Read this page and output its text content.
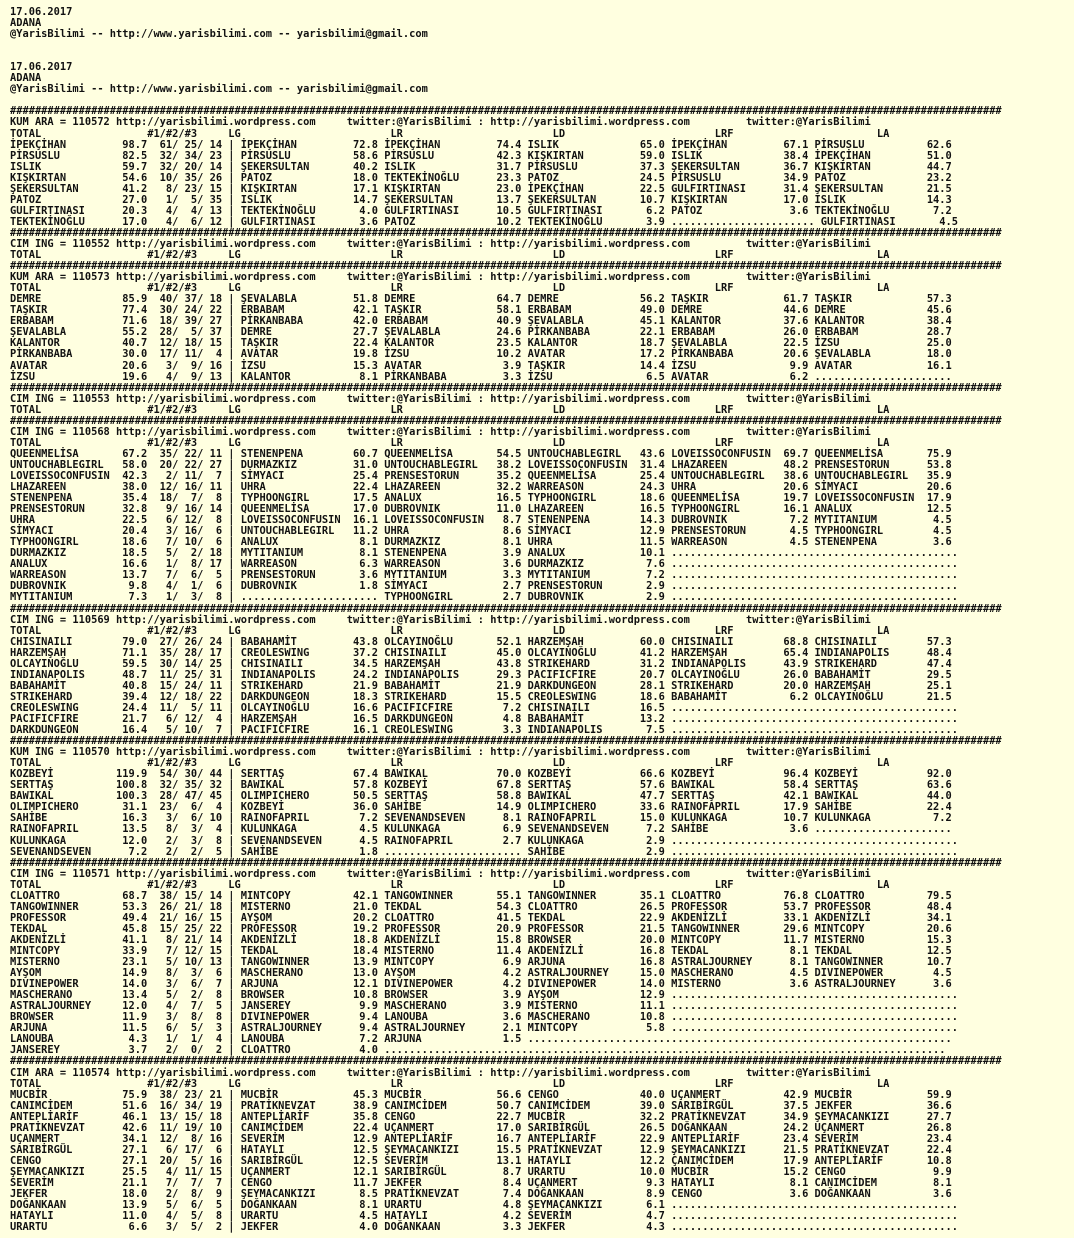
17.06.2017
ADANA
@YarisBilimi -- http://www.yarisbilimi.com -- yarisbilimi@gmail.com

17.06.2017
ADANA
@YarisBilimi -- http://www.yarisbilimi.com -- yarisbilimi@gmail.com

###############################################################################################################################################################
KUM ARA = 110572 http://yarisbilimi.wordpress.com     twitter:@YarisBilimi : http://yarisbilimi.wordpress.com         twitter:@YarisBilimi
TOTAL                 #1/#2/#3     LG                        LR                        LD                        LRF                       LA
İPEKÇİHAN         98.7  61/ 25/ 14 | İPEKÇİHAN         72.8 İPEKÇİHAN         74.4 ISLIK             65.0 İPEKÇİHAN         67.1 PİRSUSLU          62.6
PİRSUSLU          82.5  32/ 34/ 23 | PİRSUSLU          58.6 PİRSUSLU          42.3 KIŞKIRTAN         59.0 ISLIK             38.4 İPEKÇİHAN         51.0
ISLIK             59.7  32/ 20/ 14 | ŞEKERSULTAN       40.2 ISLIK             31.7 PİRSUSLU          37.3 ŞEKERSULTAN       36.7 KIŞKIRTAN         44.7
KIŞKIRTAN         54.6  10/ 35/ 26 | PATOZ             18.0 TEKTEKİNOĞLU      23.3 PATOZ             24.5 PİRSUSLU          34.9 PATOZ             23.2
ŞEKERSULTAN       41.2   8/ 23/ 15 | KIŞKIRTAN         17.1 KIŞKIRTAN         23.0 İPEKÇİHAN         22.5 GULFIRTINASI      31.4 ŞEKERSULTAN       21.5
PATOZ             27.0   1/  5/ 35 | ISLIK             14.7 ŞEKERSULTAN       13.7 ŞEKERSULTAN       10.7 KIŞKIRTAN         17.0 ISLIK             14.3
GULFIRTINASI      20.3   4/  4/ 13 | TEKTEKİNOĞLU       4.0 GULFIRTINASI      10.5 GULFIRTINASI       6.2 PATOZ              3.6 TEKTEKİNOĞLU       7.2
TEKTEKİNOĞLU      17.0   4/  6/ 12 | GULFIRTINASI       3.6 PATOZ             10.2 TEKTEKİNOĞLU       3.9 ....................... GULFIRTINASI       4.5
###############################################################################################################################################################
CIM ING = 110552 http://yarisbilimi.wordpress.com     twitter:@YarisBilimi : http://yarisbilimi.wordpress.com         twitter:@YarisBilimi
TOTAL                 #1/#2/#3     LG                        LR                        LD                        LRF                       LA
###############################################################################################################################################################
KUM ARA = 110573 http://yarisbilimi.wordpress.com     twitter:@YarisBilimi : http://yarisbilimi.wordpress.com         twitter:@YarisBilimi
TOTAL                 #1/#2/#3     LG                        LR                        LD                        LRF                       LA
DEMRE             85.9  40/ 37/ 18 | ŞEVALABLA         51.8 DEMRE             64.7 DEMRE             56.2 TAŞKIR            61.7 TAŞKIR            57.3
TAŞKIR            77.4  30/ 24/ 22 | ERBABAM           42.1 TAŞKIR            58.1 ERBABAM           49.0 DEMRE             44.6 DEMRE             45.6
ERBABAM           71.6  18/ 39/ 27 | PİRKANBABA        42.0 ERBABAM           40.9 ŞEVALABLA         45.1 KALANTOR          37.6 KALANTOR          38.4
ŞEVALABLA         55.2  28/  5/ 37 | DEMRE             27.7 ŞEVALABLA         24.6 PİRKANBABA        22.1 ERBABAM           26.0 ERBABAM           28.7
KALANTOR          40.7  12/ 18/ 15 | TAŞKIR            22.4 KALANTOR          23.5 KALANTOR          18.7 ŞEVALABLA         22.5 İZSU              25.0
PİRKANBABA        30.0  17/ 11/  4 | AVATAR            19.8 İZSU              10.2 AVATAR            17.2 PİRKANBABA        20.6 ŞEVALABLA         18.0
AVATAR            20.6   3/  9/ 16 | İZSU              15.3 AVATAR             3.9 TAŞKIR            14.4 İZSU               9.9 AVATAR            16.1
İZSU              19.6   4/  9/ 13 | KALANTOR           8.1 PİRKANBABA         3.3 İZSU               6.5 AVATAR             6.2 ......................
###############################################################################################################################################################
CIM ING = 110553 http://yarisbilimi.wordpress.com     twitter:@YarisBilimi : http://yarisbilimi.wordpress.com         twitter:@YarisBilimi
TOTAL                 #1/#2/#3     LG                        LR                        LD                        LRF                       LA
###############################################################################################################################################################
CIM ING = 110568 http://yarisbilimi.wordpress.com     twitter:@YarisBilimi : http://yarisbilimi.wordpress.com         twitter:@YarisBilimi
TOTAL                 #1/#2/#3     LG                        LR                        LD                        LRF                       LA
QUEENMELİSA       67.2  35/ 22/ 11 | STENENPENA        60.7 QUEENMELİSA       54.5 UNTOUCHABLEGIRL   43.6 LOVEISSOCONFUSIN  69.7 QUEENMELİSA       75.9
UNTOUCHABLEGIRL   58.0  20/ 22/ 27 | DURMAZKIZ         31.0 UNTOUCHABLEGIRL   38.2 LOVEISSOCONFUSIN  31.4 LHAZAREEN         48.2 PRENSESTORUN      53.8
LOVEISSOCONFUSIN  42.3   2/ 11/  7 | SİMYACI           25.4 PRENSESTORUN      35.2 QUEENMELİSA       25.4 UNTOUCHABLEGIRL   38.6 UNTOUCHABLEGIRL   35.9
LHAZAREEN         38.0  12/ 16/ 11 | UHRA              22.4 LHAZAREEN         32.2 WARREASON         24.3 UHRA              20.6 SİMYACI           20.6
STENENPENA        35.4  18/  7/  8 | TYPHOONGIRL       17.5 ANALUX            16.5 TYPHOONGIRL       18.6 QUEENMELİSA       19.7 LOVEISSOCONFUSIN  17.9
PRENSESTORUN      32.8   9/ 16/ 14 | QUEENMELİSA       17.0 DUBROVNIK         11.0 LHAZAREEN         16.5 TYPHOONGIRL       16.1 ANALUX            12.5
UHRA              22.5   6/ 12/  8 | LOVEISSOCONFUSIN  16.1 LOVEISSOCONFUSIN   8.7 STENENPENA        14.3 DUBROVNIK          7.2 MYTITANIUM         4.5
SİMYACI           20.4   3/ 16/  6 | UNTOUCHABLEGIRL   11.2 UHRA               8.6 SİMYACI           12.9 PRENSESTORUN       4.5 TYPHOONGIRL        4.5
TYPHOONGIRL       18.6   7/ 10/  6 | ANALUX             8.1 DURMAZKIZ          8.1 UHRA              11.5 WARREASON          4.5 STENENPENA         3.6
DURMAZKIZ         18.5   5/  2/ 18 | MYTITANIUM         8.1 STENENPENA         3.9 ANALUX            10.1 ..............................................
ANALUX            16.6   1/  8/ 17 | WARREASON          6.3 WARREASON          3.6 DURMAZKIZ          7.6 ..............................................
WARREASON         13.7   7/  6/  5 | PRENSESTORUN       3.6 MYTITANIUM         3.3 MYTITANIUM         7.2 ..............................................
DUBROVNIK          9.8   4/  1/  6 | DUBROVNIK          1.8 SİMYACI            2.7 PRENSESTORUN       2.9 ..............................................
MYTITANIUM         7.3   1/  3/  8 | ...................... TYPHOONGIRL        2.7 DUBROVNIK          2.9 ..............................................
###############################################################################################################################################################
CIM ING = 110569 http://yarisbilimi.wordpress.com     twitter:@YarisBilimi : http://yarisbilimi.wordpress.com         twitter:@YarisBilimi
TOTAL                 #1/#2/#3     LG                        LR                        LD                        LRF                       LA
CHISINAILI        79.0  27/ 26/ 24 | BABAHAMİT         43.8 OLCAYINOĞLU       52.1 HARZEMŞAH         60.0 CHISINAILI        68.8 CHISINAILI        57.3
HARZEMŞAH         71.1  35/ 28/ 17 | CREOLESWING       37.2 CHISINAILI        45.0 OLCAYINOĞLU       41.2 HARZEMŞAH         65.4 INDIANAPOLIS      48.4
OLCAYINOĞLU       59.5  30/ 14/ 25 | CHISINAILI        34.5 HARZEMŞAH         43.8 STRIKEHARD        31.2 INDIANAPOLIS      43.9 STRIKEHARD        47.4
INDIANAPOLIS      48.7  11/ 25/ 31 | INDIANAPOLIS      24.2 INDIANAPOLIS      29.3 PACIFICFIRE       20.7 OLCAYINOĞLU       26.0 BABAHAMİT         29.5
BABAHAMİT         40.8  15/ 24/ 11 | STRIKEHARD        21.9 BABAHAMİT         21.9 DARKDUNGEON       28.1 STRIKEHARD        20.0 HARZEMŞAH         25.1
STRIKEHARD        39.4  12/ 18/ 22 | DARKDUNGEON       18.3 STRIKEHARD        15.5 CREOLESWING       18.6 BABAHAMİT          6.2 OLCAYINOĞLU       21.5
CREOLESWING       24.4  11/  5/ 11 | OLCAYINOĞLU       16.6 PACIFICFIRE        7.2 CHISINAILI        16.5 ..............................................
PACIFICFIRE       21.7   6/ 12/  4 | HARZEMŞAH         16.5 DARKDUNGEON        4.8 BABAHAMİT         13.2 ..............................................
DARKDUNGEON       16.4   5/ 10/  7 | PACIFICFIRE       16.1 CREOLESWING        3.3 INDIANAPOLIS       7.5 ..............................................
###############################################################################################################################################################
KUM ING = 110570 http://yarisbilimi.wordpress.com     twitter:@YarisBilimi : http://yarisbilimi.wordpress.com         twitter:@YarisBilimi
TOTAL                 #1/#2/#3     LG                        LR                        LD                        LRF                       LA
KOZBEYİ          119.9  54/ 30/ 44 | SERTTAŞ           67.4 BAWIKAL           70.0 KOZBEYİ           66.6 KOZBEYİ           96.4 KOZBEYİ           92.0
SERTTAŞ          100.8  32/ 35/ 32 | BAWIKAL           57.8 KOZBEYİ           67.8 SERTTAŞ           57.6 BAWIKAL           58.4 SERTTAŞ           63.6
BAWIKAL          100.3  28/ 47/ 45 | OLIMPICHERO       50.5 SERTTAŞ           58.8 BAWIKAL           47.7 SERTTAŞ           42.1 BAWIKAL           44.0
OLIMPICHERO       31.1  23/  6/  4 | KOZBEYİ           36.0 SAHİBE            14.9 OLIMPICHERO       33.6 RAINOFAPRIL       17.9 SAHİBE            22.4
SAHİBE            16.3   3/  6/ 10 | RAINOFAPRIL        7.2 SEVENANDSEVEN      8.1 RAINOFAPRIL       15.0 KULUNKAGA         10.7 KULUNKAGA          7.2
RAINOFAPRIL       13.5   8/  3/  4 | KULUNKAGA          4.5 KULUNKAGA          6.9 SEVENANDSEVEN      7.2 SAHİBE             3.6 ......................
KULUNKAGA         12.0   2/  3/  8 | SEVENANDSEVEN      4.5 RAINOFAPRIL        2.7 KULUNKAGA          2.9 ..............................................
SEVENANDSEVEN      7.2   2/  2/  5 | SAHİBE             1.8 ...................... SAHİBE             2.9 ..............................................
###############################################################################################################################################################
CIM ING = 110571 http://yarisbilimi.wordpress.com     twitter:@YarisBilimi : http://yarisbilimi.wordpress.com         twitter:@YarisBilimi
TOTAL                 #1/#2/#3     LG                        LR                        LD                        LRF                       LA
CLOATTRO          68.7  38/ 15/ 14 | MINTCOPY          42.1 TANGOWINNER       55.1 TANGOWINNER       35.1 CLOATTRO          76.8 CLOATTRO          79.5
TANGOWINNER       53.3  26/ 21/ 18 | MISTERNO          21.0 TEKDAL            54.3 CLOATTRO          26.5 PROFESSOR         53.7 PROFESSOR         48.4
PROFESSOR         49.4  21/ 16/ 15 | AYŞOM             20.2 CLOATTRO          41.5 TEKDAL            22.9 AKDENİZLİ         33.1 AKDENİZLİ         34.1
TEKDAL            45.8  15/ 25/ 22 | PROFESSOR         19.2 PROFESSOR         20.9 PROFESSOR         21.5 TANGOWINNER       29.6 MINTCOPY          20.6
AKDENİZLİ         41.1   8/ 21/ 14 | AKDENİZLİ         18.8 AKDENİZLİ         15.8 BROWSER           20.0 MINTCOPY          11.7 MISTERNO          15.3
MINTCOPY          33.9   7/ 12/ 15 | TEKDAL            18.4 MISTERNO          11.4 AKDENİZLİ         16.8 TEKDAL             8.1 TEKDAL            12.5
MISTERNO          23.1   5/ 10/ 13 | TANGOWINNER       13.9 MINTCOPY           6.9 ARJUNA            16.8 ASTRALJOURNEY      8.1 TANGOWINNER       10.7
AYŞOM             14.9   8/  3/  6 | MASCHERANO        13.0 AYŞOM              4.2 ASTRALJOURNEY     15.0 MASCHERANO         4.5 DIVINEPOWER        4.5
DIVINEPOWER       14.0   3/  6/  7 | ARJUNA            12.1 DIVINEPOWER        4.2 DIVINEPOWER       14.0 MISTERNO           3.6 ASTRALJOURNEY      3.6
MASCHERANO        13.4   5/  2/  8 | BROWSER           10.8 BROWSER            3.9 AYŞOM             12.9 ..............................................
ASTRALJOURNEY     12.0   4/  7/  5 | JANSEREY           9.9 MASCHERANO         3.9 MISTERNO          11.1 ..............................................
BROWSER           11.9   3/  8/  8 | DIVINEPOWER        9.4 LANOUBA            3.6 MASCHERANO        10.8 ..............................................
ARJUNA            11.5   6/  5/  3 | ASTRALJOURNEY      9.4 ASTRALJOURNEY      2.1 MINTCOPY           5.8 ..............................................
LANOUBA            4.3   1/  1/  4 | LANOUBA            7.2 ARJUNA             1.5 ....................................................................
JANSEREY           3.7   2/  0/  2 | CLOATTRO           4.0 ..........................................................................................
###############################################################################################################################################################
CIM ARA = 110574 http://yarisbilimi.wordpress.com     twitter:@YarisBilimi : http://yarisbilimi.wordpress.com         twitter:@YarisBilimi
TOTAL                 #1/#2/#3     LG                        LR                        LD                        LRF                       LA
MUCBİR            75.9  38/ 23/ 21 | MUCBİR            45.3 MUCBİR            56.6 CENGO             40.0 UÇANMERT          42.9 MUCBİR            59.9
CANIMCİDEM        51.6  16/ 34/ 19 | PRATİKNEVZAT      38.9 CANIMCİDEM        50.7 CANIMCİDEM        39.0 SARIBİRGÜL        37.5 JEKFER            36.6
ANTEPLİARİF       46.1  13/ 15/ 18 | ANTEPLİARİF       35.8 CENGO             22.7 MUCBİR            32.2 PRATİKNEVZAT      34.9 ŞEYMACANKIZI      27.7
PRATİKNEVZAT      42.6  11/ 19/ 10 | CANIMCİDEM        22.4 UÇANMERT          17.0 SARIBİRGÜL        26.5 DOĞANKAAN         24.2 UÇANMERT          26.8
UÇANMERT          34.1  12/  8/ 16 | SEVERİM           12.9 ANTEPLİARİF       16.7 ANTEPLİARİF       22.9 ANTEPLİARİF       23.4 SEVERİM           23.4
SARIBİRGÜL        27.1   6/ 17/  6 | HATAYLI           12.5 ŞEYMACANKIZI      15.5 PRATİKNEVZAT      12.9 ŞEYMACANKIZI      21.5 PRATİKNEVZAT      22.4
CENGO             27.1  20/  5/ 16 | SARIBİRGÜL        12.5 SEVERİM           13.1 HATAYLI           12.2 ÇANIMCİDEM        17.9 ANTEPLİARİF       10.8
ŞEYMACANKIZI      25.5   4/ 11/ 15 | UÇANMERT          12.1 SARIBİRGÜL         8.7 URARTU            10.0 MUCBİR            15.2 CENGO              9.9
SEVERİM           21.1   7/  7/  7 | CENGO             11.7 JEKFER             8.4 UÇANMERT           9.3 HATAYLI            8.1 CANIMCİDEM         8.1
JEKFER            18.0   2/  8/  9 | ŞEYMACANKIZI       8.5 PRATİKNEVZAT       7.4 DOĞANKAAN          8.9 CENGO              3.6 DOĞANKAAN          3.6
DOĞANKAAN         13.9   5/  6/  5 | DOĞANKAAN          8.1 URARTU             4.8 ŞEYMACANKIZI       6.1 ..............................................
HATAYLI           11.0   4/  5/  8 | URARTU             4.5 HATAYLI            4.2 SEVERİM            4.7 ..............................................
URARTU             6.6   3/  5/  2 | JEKFER             4.0 DOĞANKAAN          3.3 JEKFER             4.3 ..............................................
